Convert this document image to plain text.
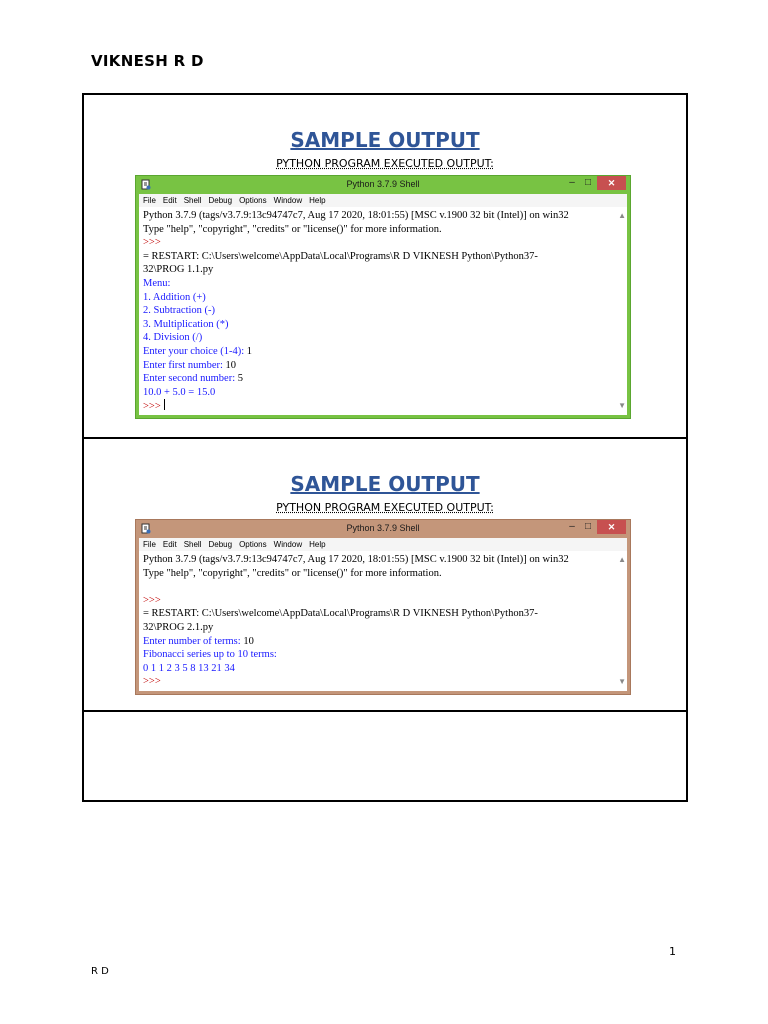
VIKNESH R D
SAMPLE OUTPUT
PYTHON PROGRAM EXECUTED OUTPUT:
Python 3.7.9 Shell	–	□	✕
File Edit Shell Debug Options Window Help
Python 3.7.9 (tags/v3.7.9:13c94747c7, Aug 17 2020, 18:01:55) [MSC v.1900 32 bit (Intel)] on win32
Type "help", "copyright", "credits" or "license()" for more information.
>>>
= RESTART: C:\Users\welcome\AppData\Local\Programs\R D VIKNESH Python\Python37-
32\PROG 1.1.py
Menu:
1. Addition (+)
2. Subtraction (-)
3. Multiplication (*)
4. Division (/)
Enter your choice (1-4): 1
Enter first number: 10
Enter second number: 5
10.0 + 5.0 = 15.0
>>>
▲
▼
SAMPLE OUTPUT
PYTHON PROGRAM EXECUTED OUTPUT:
Python 3.7.9 Shell	–	□	✕
File Edit Shell Debug Options Window Help
Python 3.7.9 (tags/v3.7.9:13c94747c7, Aug 17 2020, 18:01:55) [MSC v.1900 32 bit (Intel)] on win32
Type "help", "copyright", "credits" or "license()" for more information.
>>>
= RESTART: C:\Users\welcome\AppData\Local\Programs\R D VIKNESH Python\Python37-
32\PROG 2.1.py
Enter number of terms: 10
Fibonacci series up to 10 terms:
0 1 1 2 3 5 8 13 21 34
>>>
▲
▼
1
R D
